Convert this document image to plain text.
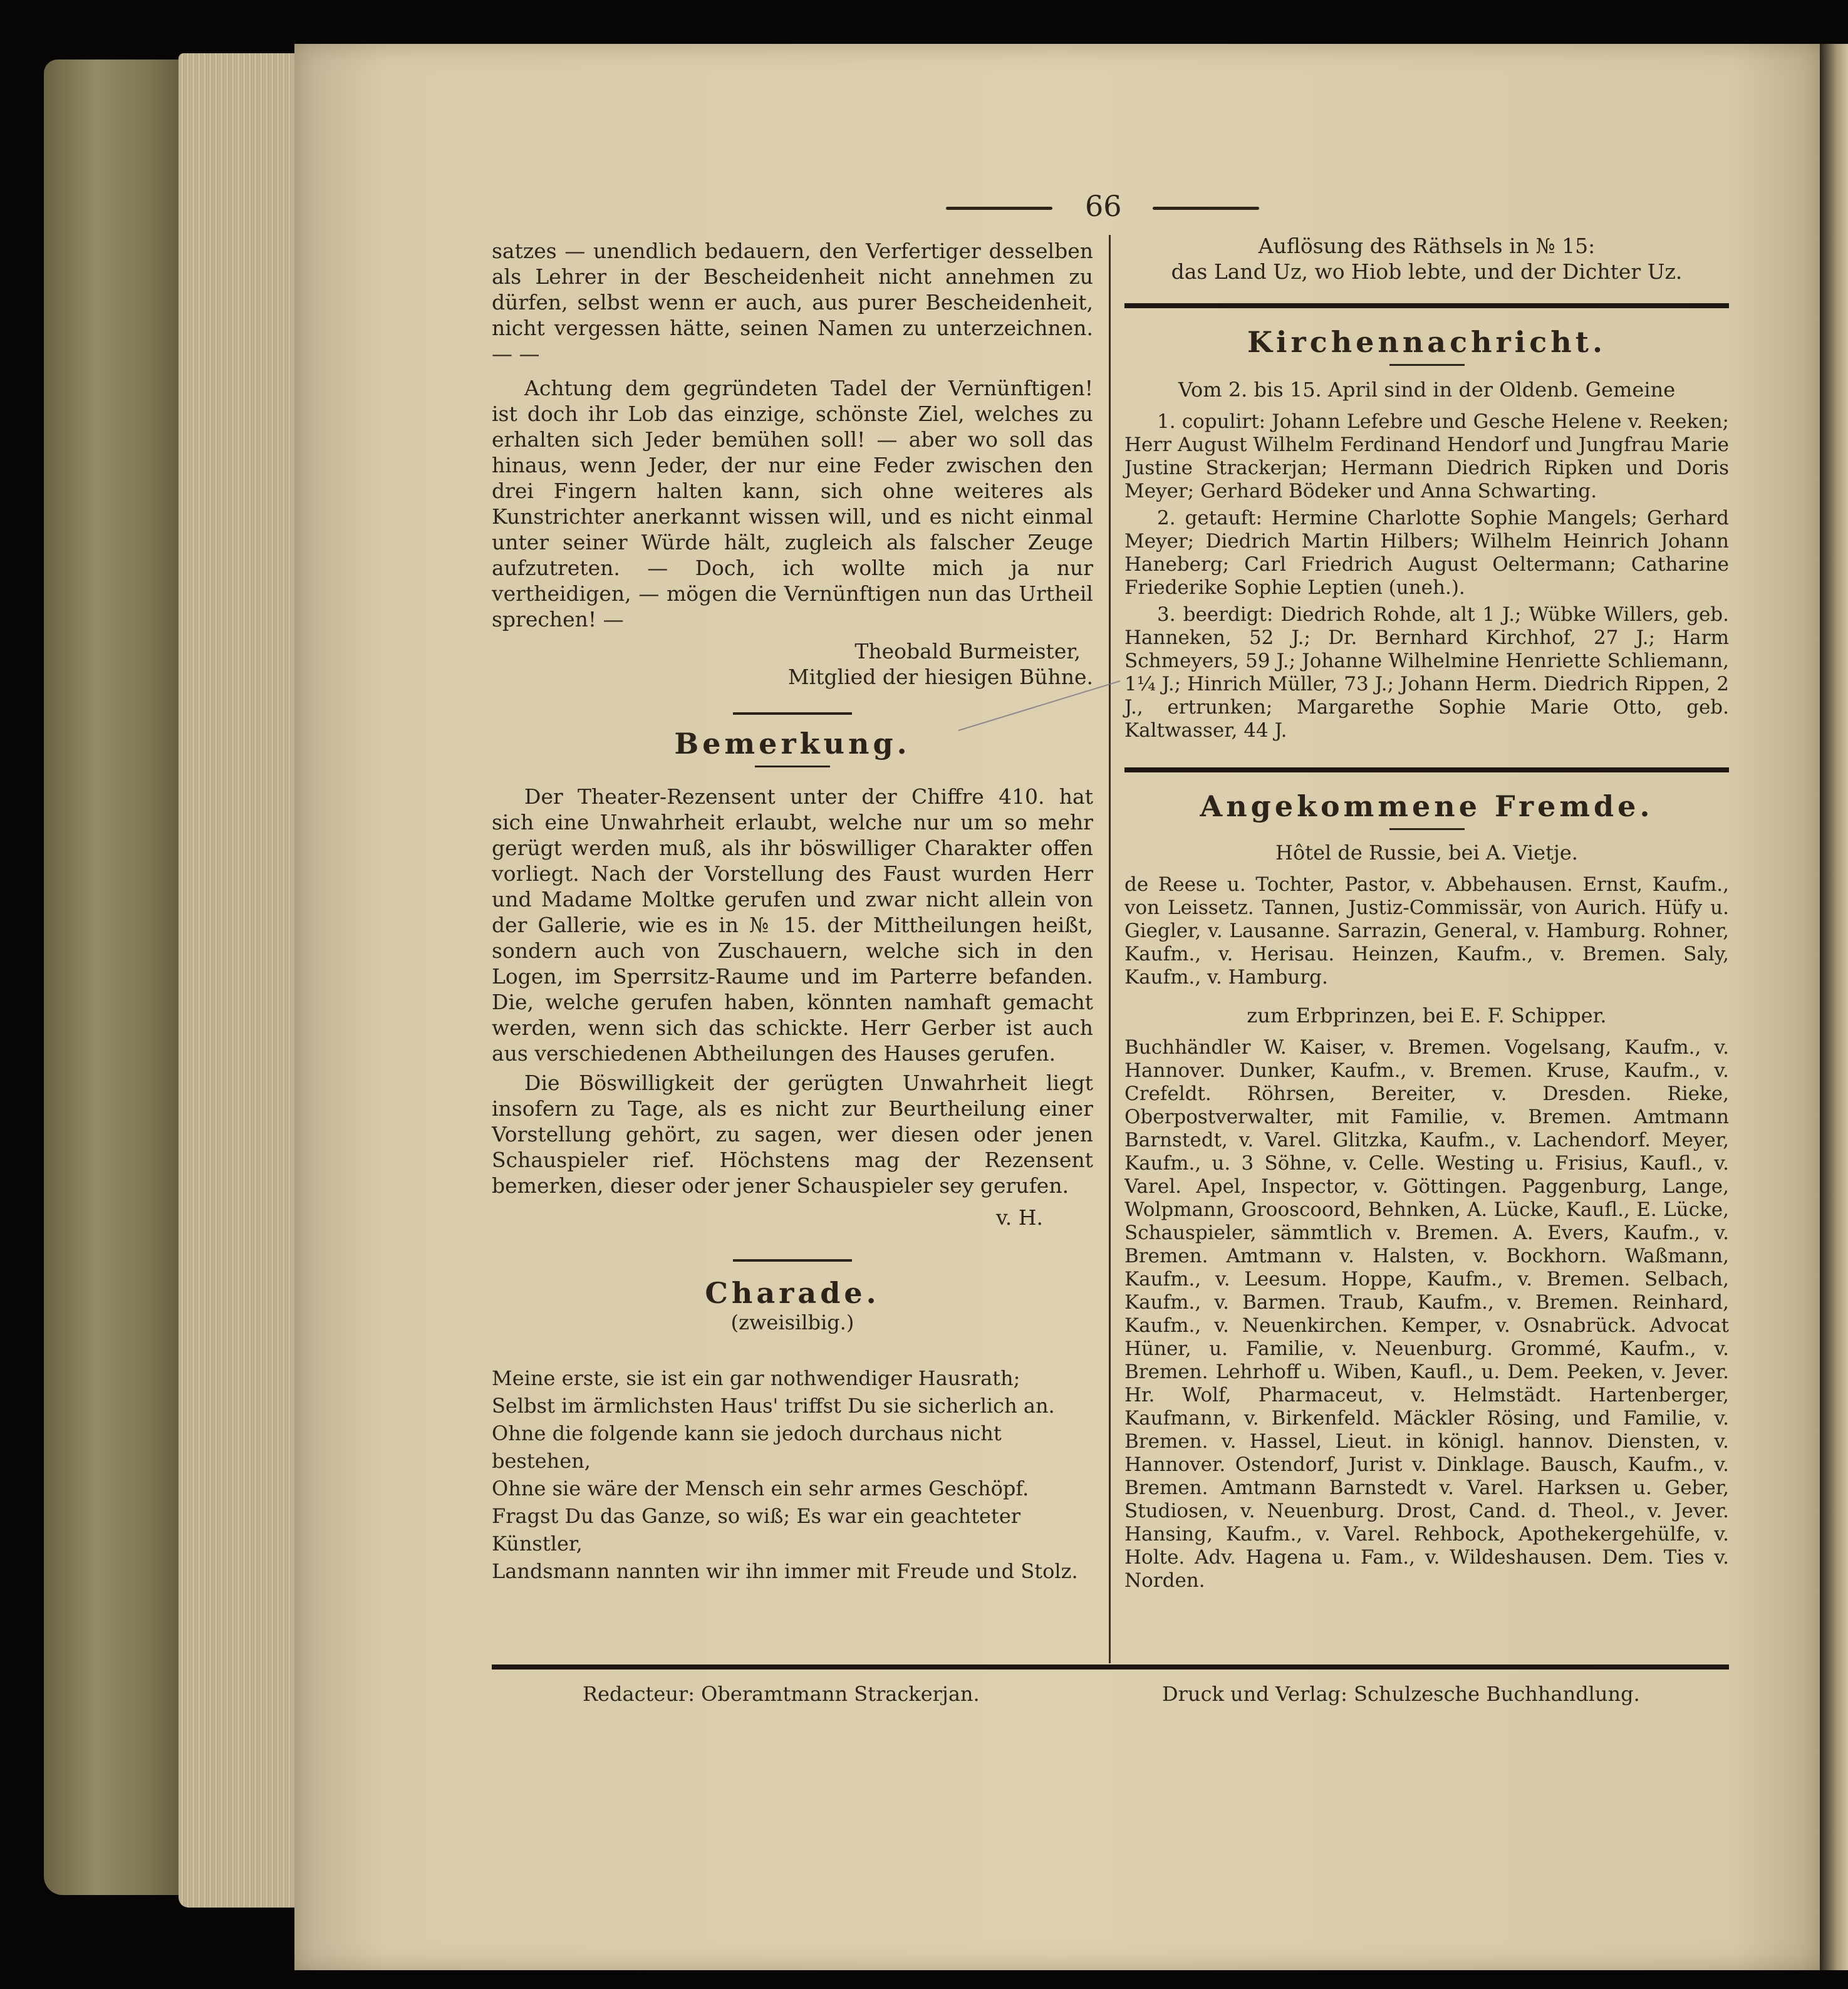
66

satzes — unendlich bedauern, den Verfertiger desselben als Lehrer in der Bescheidenheit nicht annehmen zu dürfen, selbst wenn er auch, aus purer Bescheidenheit, nicht vergessen hätte, seinen Namen zu unterzeichnen. — —

Achtung dem gegründeten Tadel der Vernünftigen! ist doch ihr Lob das einzige, schönste Ziel, welches zu erhalten sich Jeder bemühen soll! — aber wo soll das hinaus, wenn Jeder, der nur eine Feder zwischen den drei Fingern halten kann, sich ohne weiteres als Kunstrichter anerkannt wissen will, und es nicht einmal unter seiner Würde hält, zugleich als falscher Zeuge aufzutreten. — Doch, ich wollte mich ja nur vertheidigen, — mögen die Vernünftigen nun das Urtheil sprechen! —

Theobald Burmeister,

Mitglied der hiesigen Bühne.

Bemerkung.

Der Theater-Rezensent unter der Chiffre 410. hat sich eine Unwahrheit erlaubt, welche nur um so mehr gerügt werden muß, als ihr böswilliger Charakter offen vorliegt. Nach der Vorstellung des Faust wurden Herr und Madame Moltke gerufen und zwar nicht allein von der Gallerie, wie es in № 15. der Mittheilungen heißt, sondern auch von Zuschauern, welche sich in den Logen, im Sperrsitz-Raume und im Parterre befanden. Die, welche gerufen haben, könnten namhaft gemacht werden, wenn sich das schickte. Herr Gerber ist auch aus verschiedenen Abtheilungen des Hauses gerufen.

Die Böswilligkeit der gerügten Unwahrheit liegt insofern zu Tage, als es nicht zur Beurtheilung einer Vorstellung gehört, zu sagen, wer diesen oder jenen Schauspieler rief. Höchstens mag der Rezensent bemerken, dieser oder jener Schauspieler sey gerufen.

v. H.

Charade.

(zweisilbig.)

Meine erste, sie ist ein gar nothwendiger Hausrath;

Selbst im ärmlichsten Haus' triffst Du sie sicherlich an.

Ohne die folgende kann sie jedoch durchaus nicht bestehen,

Ohne sie wäre der Mensch ein sehr armes Geschöpf.

Fragst Du das Ganze, so wiß; Es war ein geachteter Künstler,

Landsmann nannten wir ihn immer mit Freude und Stolz.

Auflösung des Räthsels in № 15:

das Land Uz, wo Hiob lebte, und der Dichter Uz.

Kirchennachricht.

Vom 2. bis 15. April sind in der Oldenb. Gemeine

1. copulirt: Johann Lefebre und Gesche Helene v. Reeken; Herr August Wilhelm Ferdinand Hendorf und Jungfrau Marie Justine Strackerjan; Hermann Diedrich Ripken und Doris Meyer; Gerhard Bödeker und Anna Schwarting.

2. getauft: Hermine Charlotte Sophie Mangels; Gerhard Meyer; Diedrich Martin Hilbers; Wilhelm Heinrich Johann Haneberg; Carl Friedrich August Oeltermann; Catharine Friederike Sophie Leptien (uneh.).

3. beerdigt: Diedrich Rohde, alt 1 J.; Wübke Willers, geb. Hanneken, 52 J.; Dr. Bernhard Kirchhof, 27 J.; Harm Schmeyers, 59 J.; Johanne Wilhelmine Henriette Schliemann, 1¼ J.; Hinrich Müller, 73 J.; Johann Herm. Diedrich Rippen, 2 J., ertrunken; Margarethe Sophie Marie Otto, geb. Kaltwasser, 44 J.

Angekommene Fremde.

Hôtel de Russie, bei A. Vietje.

de Reese u. Tochter, Pastor, v. Abbehausen. Ernst, Kaufm., von Leissetz. Tannen, Justiz-Commissär, von Aurich. Hüfy u. Giegler, v. Lausanne. Sarrazin, General, v. Hamburg. Rohner, Kaufm., v. Herisau. Heinzen, Kaufm., v. Bremen. Saly, Kaufm., v. Hamburg.

zum Erbprinzen, bei E. F. Schipper.

Buchhändler W. Kaiser, v. Bremen. Vogelsang, Kaufm., v. Hannover. Dunker, Kaufm., v. Bremen. Kruse, Kaufm., v. Crefeldt. Röhrsen, Bereiter, v. Dresden. Rieke, Oberpostverwalter, mit Familie, v. Bremen. Amtmann Barnstedt, v. Varel. Glitzka, Kaufm., v. Lachendorf. Meyer, Kaufm., u. 3 Söhne, v. Celle. Westing u. Frisius, Kaufl., v. Varel. Apel, Inspector, v. Göttingen. Paggenburg, Lange, Wolpmann, Grooscoord, Behnken, A. Lücke, Kaufl., E. Lücke, Schauspieler, sämmtlich v. Bremen. A. Evers, Kaufm., v. Bremen. Amtmann v. Halsten, v. Bockhorn. Waßmann, Kaufm., v. Leesum. Hoppe, Kaufm., v. Bremen. Selbach, Kaufm., v. Barmen. Traub, Kaufm., v. Bremen. Reinhard, Kaufm., v. Neuenkirchen. Kemper, v. Osnabrück. Advocat Hüner, u. Familie, v. Neuenburg. Grommé, Kaufm., v. Bremen. Lehrhoff u. Wiben, Kaufl., u. Dem. Peeken, v. Jever. Hr. Wolf, Pharmaceut, v. Helmstädt. Hartenberger, Kaufmann, v. Birkenfeld. Mäckler Rösing, und Familie, v. Bremen. v. Hassel, Lieut. in königl. hannov. Diensten, v. Hannover. Ostendorf, Jurist v. Dinklage. Bausch, Kaufm., v. Bremen. Amtmann Barnstedt v. Varel. Harksen u. Geber, Studiosen, v. Neuenburg. Drost, Cand. d. Theol., v. Jever. Hansing, Kaufm., v. Varel. Rehbock, Apothekergehülfe, v. Holte. Adv. Hagena u. Fam., v. Wildeshausen. Dem. Ties v. Norden.

Redacteur: Oberamtmann Strackerjan.	Druck und Verlag: Schulzesche Buchhandlung.
